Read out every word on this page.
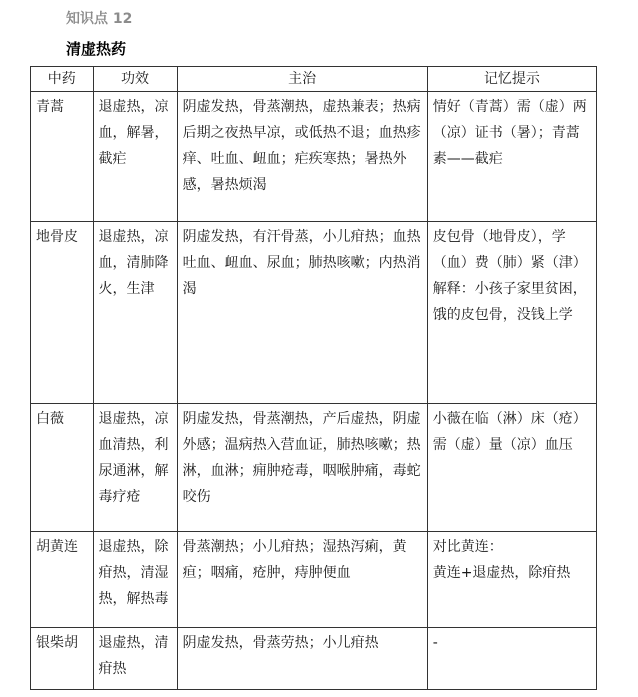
知识点 12
清虚热药
中药	功效	主治	记忆提示
青蒿	退虚热，凉血，解暑，截疟	阴虚发热，骨蒸潮热，虚热兼表；热病后期之夜热早凉，或低热不退；血热疹痒、吐血、衄血；疟疾寒热；暑热外感，暑热烦渴	情好（青蒿）需（虚）两（凉）证书（暑）；青蒿素——截疟

地骨皮	退虚热，凉血，清肺降火，生津	阴虚发热，有汗骨蒸，小儿疳热；血热吐血、衄血、尿血；肺热咳嗽；内热消渴	皮包骨（地骨皮），学（血）费（肺）紧（津）
解释：小孩子家里贫困，饿的皮包骨，没钱上学

白薇	退虚热，凉血清热，利尿通淋，解毒疗疮	阴虚发热，骨蒸潮热，产后虚热，阴虚外感；温病热入营血证，肺热咳嗽；热淋，血淋；痈肿疮毒，咽喉肿痛，毒蛇咬伤	小薇在临（淋）床（疮）需（虚）量（凉）血压

胡黄连	退虚热，除疳热，清湿热，解热毒	骨蒸潮热；小儿疳热；湿热泻痢，黄疸；咽痛，疮肿，痔肿便血	对比黄连：
黄连+退虚热，除疳热

银柴胡	退虚热，清疳热	阴虚发热，骨蒸劳热；小儿疳热	-
